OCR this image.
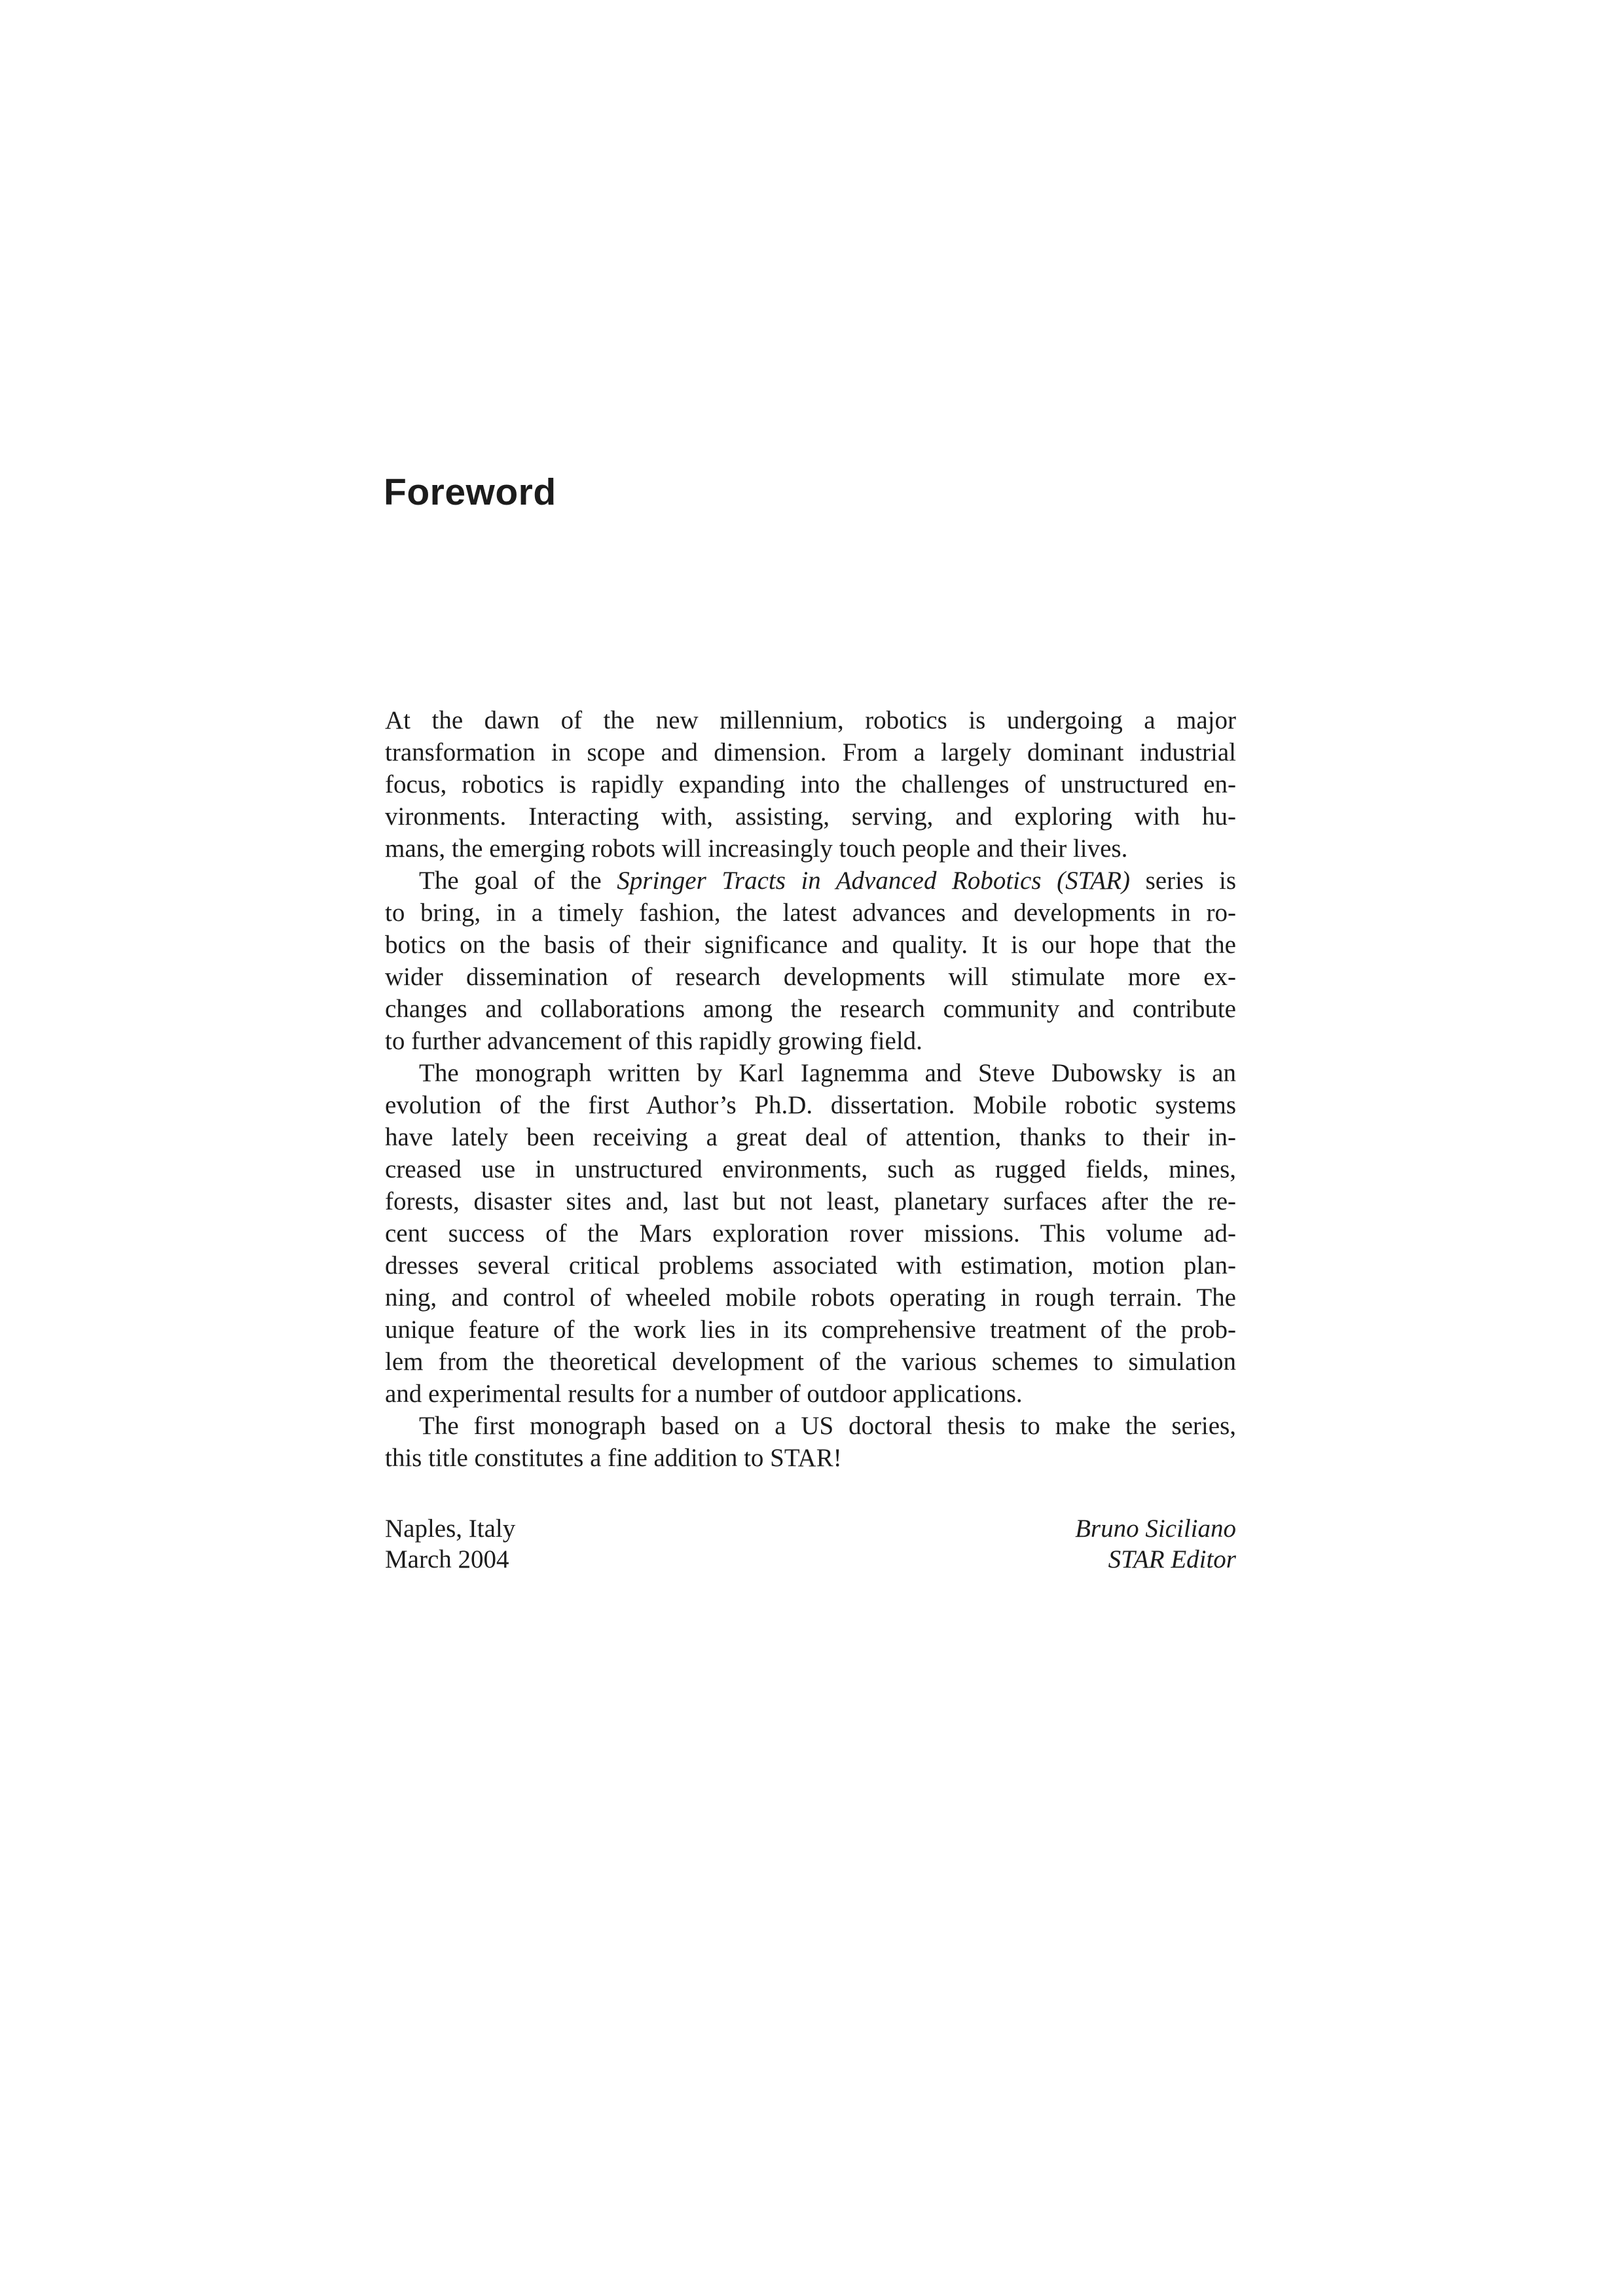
Foreword
At the dawn of the new millennium, robotics is undergoing a major
transformation in scope and dimension. From a largely dominant industrial
focus, robotics is rapidly expanding into the challenges of unstructured en-
vironments. Interacting with, assisting, serving, and exploring with hu-
mans, the emerging robots will increasingly touch people and their lives.
The goal of the Springer Tracts in Advanced Robotics (STAR) series is
to bring, in a timely fashion, the latest advances and developments in ro-
botics on the basis of their significance and quality. It is our hope that the
wider dissemination of research developments will stimulate more ex-
changes and collaborations among the research community and contribute
to further advancement of this rapidly growing field.
The monograph written by Karl Iagnemma and Steve Dubowsky is an
evolution of the first Author’s Ph.D. dissertation. Mobile robotic systems
have lately been receiving a great deal of attention, thanks to their in-
creased use in unstructured environments, such as rugged fields, mines,
forests, disaster sites and, last but not least, planetary surfaces after the re-
cent success of the Mars exploration rover missions. This volume ad-
dresses several critical problems associated with estimation, motion plan-
ning, and control of wheeled mobile robots operating in rough terrain. The
unique feature of the work lies in its comprehensive treatment of the prob-
lem from the theoretical development of the various schemes to simulation
and experimental results for a number of outdoor applications.
The first monograph based on a US doctoral thesis to make the series,
this title constitutes a fine addition to STAR!
Naples, Italy	Bruno Siciliano
March 2004	STAR Editor
